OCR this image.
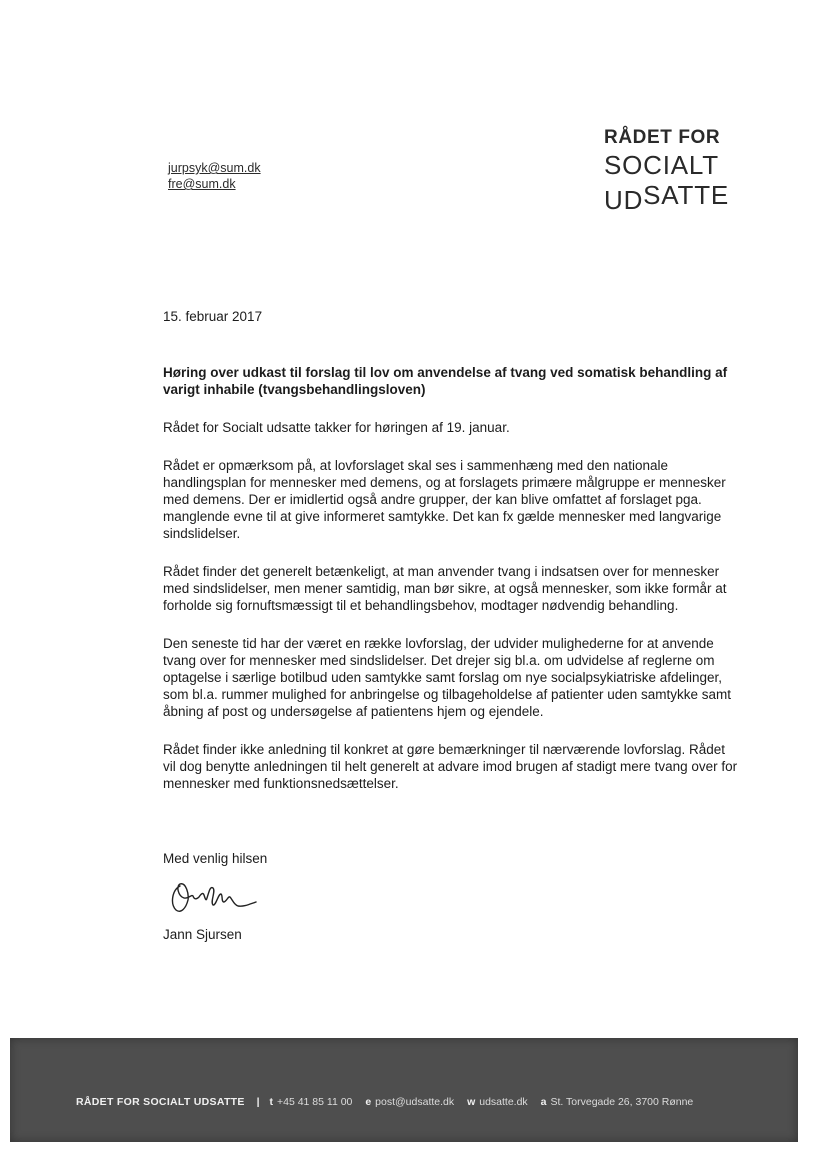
RÅDET FOR
SOCIALT
UDSATTE
jurpsyk@sum.dk
fre@sum.dk
15. februar 2017
Høring over udkast til forslag til lov om anvendelse af tvang ved somatisk behandling af varigt inhabile (tvangsbehandlingsloven)

Rådet for Socialt udsatte takker for høringen af 19. januar.

Rådet er opmærksom på, at lovforslaget skal ses i sammenhæng med den nationale handlingsplan for mennesker med demens, og at forslagets primære målgruppe er mennesker med demens. Der er imidlertid også andre grupper, der kan blive omfattet af forslaget pga. manglende evne til at give informeret samtykke. Det kan fx gælde mennesker med langvarige sindslidelser.

Rådet finder det generelt betænkeligt, at man anvender tvang i indsatsen over for mennesker med sindslidelser, men mener samtidig, man bør sikre, at også mennesker, som ikke formår at forholde sig fornuftsmæssigt til et behandlingsbehov, modtager nødvendig behandling.

Den seneste tid har der været en række lovforslag, der udvider mulighederne for at anvende tvang over for mennesker med sindslidelser. Det drejer sig bl.a. om udvidelse af reglerne om optagelse i særlige botilbud uden samtykke samt forslag om nye socialpsykiatriske afdelinger, som bl.a. rummer mulighed for anbringelse og tilbageholdelse af patienter uden samtykke samt åbning af post og undersøgelse af patientens hjem og ejendele.

Rådet finder ikke anledning til konkret at gøre bemærkninger til nærværende lovforslag. Rådet vil dog benytte anledningen til helt generelt at advare imod brugen af stadigt mere tvang over for mennesker med funktionsnedsættelser.

Med venlig hilsen
Jann Sjursen
RÅDET FOR SOCIALT UDSATTE | t +45 41 85 11 00 e post@udsatte.dk w udsatte.dk a St. Torvegade 26, 3700 Rønne
